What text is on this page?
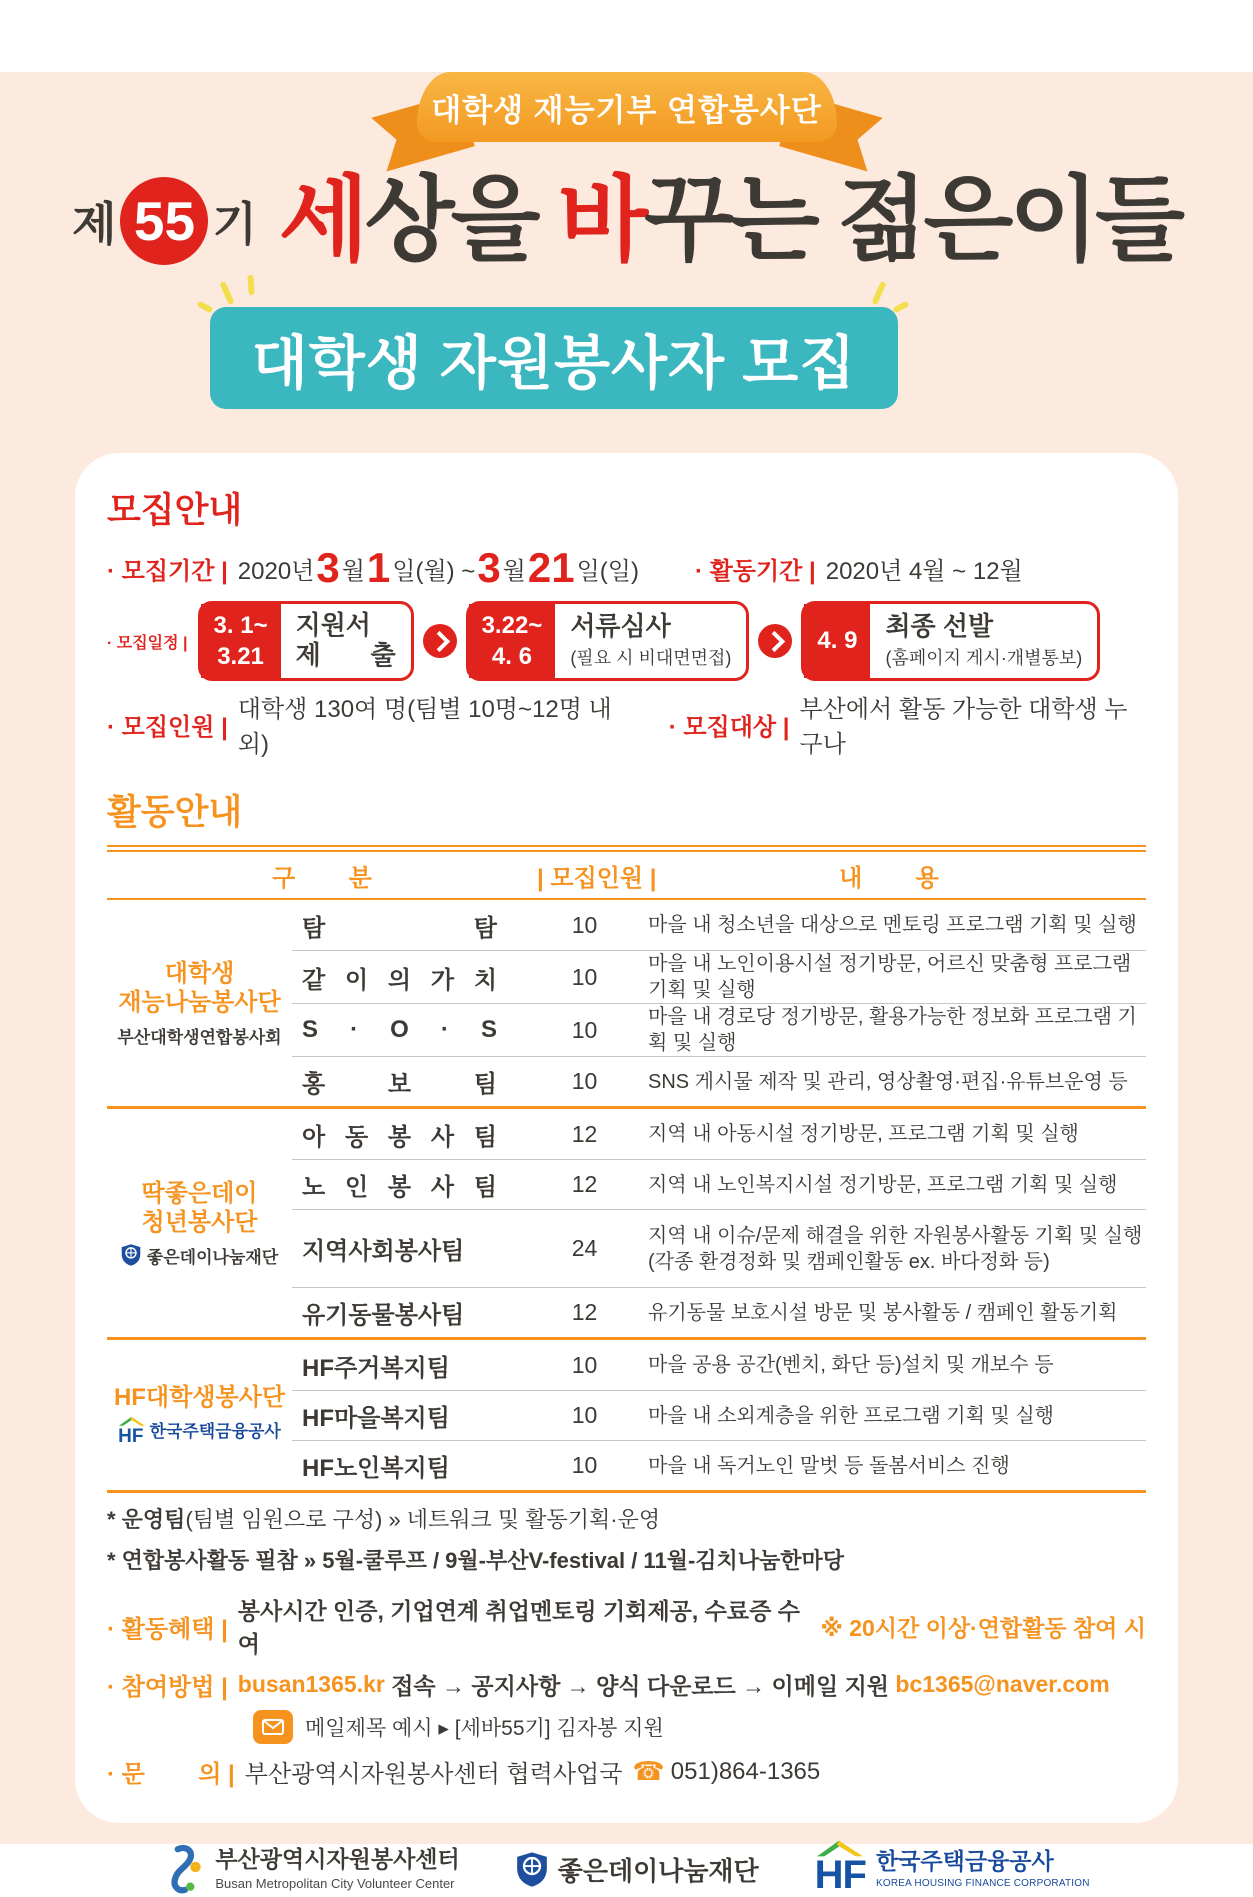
대학생 재능기부 연합봉사단
제 55 기 세상을 바꾸는 젊은이들
대학생 자원봉사자 모집
모집안내
· 모집기간 | 2020년 3 월 1 일(월) ~ 3 월 21 일(일) · 활동기간 | 2020년 4월 ~ 12월
· 모집일정 |
3. 1~
3.21
지원서
제 출
3.22~
4. 6
서류심사
(필요 시 비대면면접)
4. 9 최종 선발
(홈페이지 게시·개별통보)
· 모집인원 |
대학생 130여 명(팀별 10명~12명 내외)
· 모집대상 |
부산에서 활동 가능한 대학생 누구나
활동안내
구        분	| 모집인원 |	내        용
대학생
재능나눔봉사단
부산대학생연합봉사회
탐 탐	10	마을 내 청소년을 대상으로 멘토링 프로그램 기획 및 실행
같 이 의 가 치	10	마을 내 노인이용시설 정기방문, 어르신 맞춤형 프로그램 기획 및 실행
S · O · S	10	마을 내 경로당 정기방문, 활용가능한 정보화 프로그램 기획 및 실행
홍 보 팀	10	SNS 게시물 제작 및 관리, 영상촬영·편집·유튜브운영 등
딱좋은데이
청년봉사단
좋은데이나눔재단
아 동 봉 사 팀	12	지역 내 아동시설 정기방문, 프로그램 기획 및 실행
노 인 봉 사 팀	12	지역 내 노인복지시설 정기방문, 프로그램 기획 및 실행
지역사회봉사팀	24	지역 내 이슈/문제 해결을 위한 자원봉사활동 기획 및 실행
(각종 환경정화 및 캠페인활동 ex. 바다정화 등)
유기동물봉사팀	12	유기동물 보호시설 방문 및 봉사활동 / 캠페인 활동기획
HF대학생봉사단
HF 한국주택금융공사
HF주거복지팀	10	마을 공용 공간(벤치, 화단 등)설치 및 개보수 등
HF마을복지팀	10	마을 내 소외계층을 위한 프로그램 기획 및 실행
HF노인복지팀	10	마을 내 독거노인 말벗 등 돌봄서비스 진행
* 운영팀(팀별 임원으로 구성) » 네트워크 및 활동기획·운영
* 연합봉사활동 필참 » 5월-쿨루프 / 9월-부산V-festival / 11월-김치나눔한마당
· 활동혜택 |
봉사시간 인증, 기업연계 취업멘토링 기회제공, 수료증 수여
※ 20시간 이상·연합활동 참여 시
· 참여방법 | busan1365.kr 접속 → 공지사항 → 양식 다운로드 → 이메일 지원 bc1365@naver.com
메일제목 예시 ▸ [세바55기] 김자봉 지원
· 문        의 | 부산광역시자원봉사센터 협력사업국 ☎ 051)864-1365
부산광역시자원봉사센터
Busan Metropolitan City Volunteer Center	좋은데이나눔재단 HF 한국주택금융공사
KOREA HOUSING FINANCE CORPORATION
